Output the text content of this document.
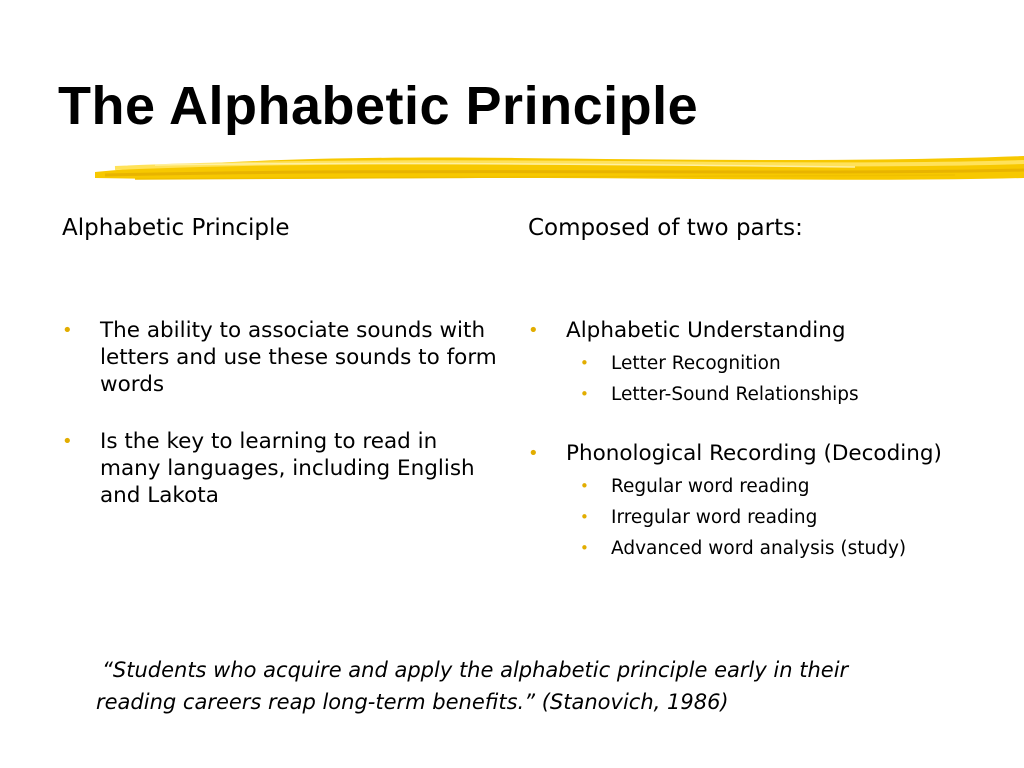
The Alphabetic Principle
Alphabetic Principle	Composed of two parts:
•	The ability to associate sounds with letters and use these sounds to form words
•	Is the key to learning to read in many languages, including English and Lakota
•	Alphabetic Understanding
• Letter Recognition
• Letter-Sound Relationships
•	Phonological Recording (Decoding)
• Regular word reading
• Irregular word reading
• Advanced word analysis (study)

“Students who acquire and apply the alphabetic principle early in their
reading careers reap long-term benefits.” (Stanovich, 1986)
